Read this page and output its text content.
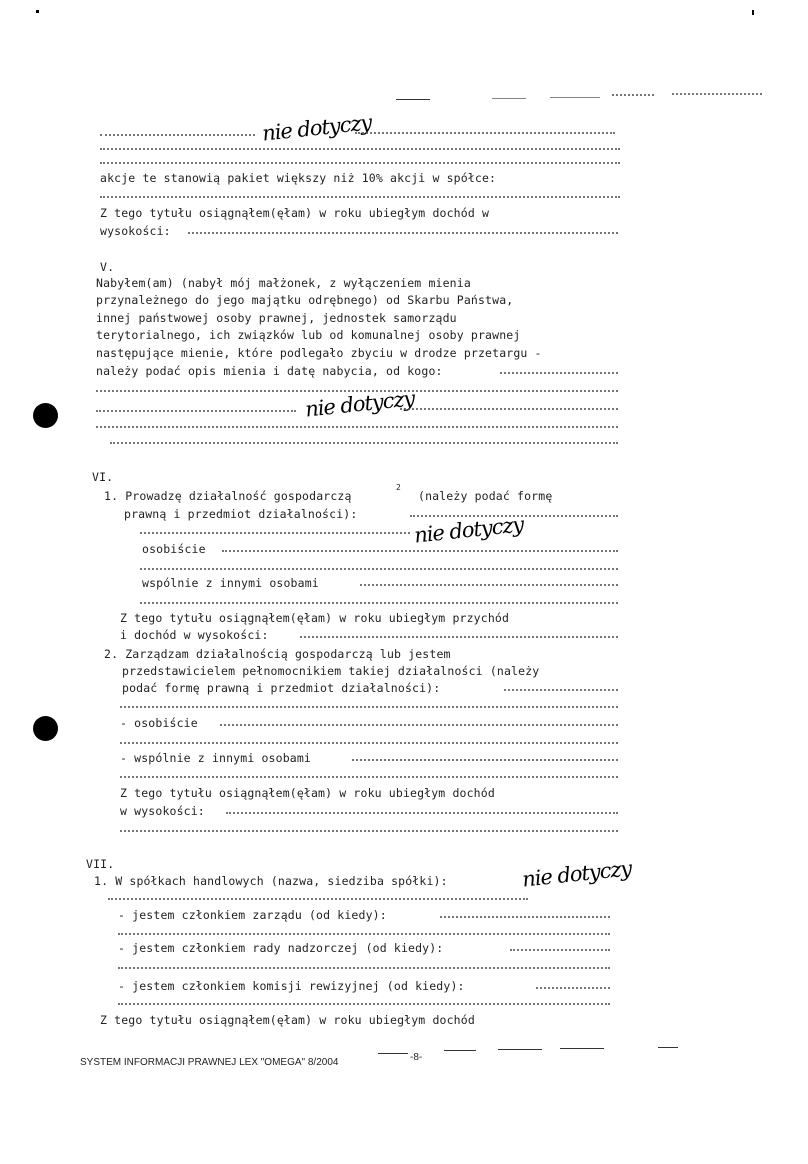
nie dotyczy
akcje te stanowią pakiet większy niż 10% akcji w spółce:
Z tego tytułu osiągnąłem(ęłam) w roku ubiegłym dochód w
wysokości:
V.
Nabyłem(am) (nabył mój małżonek, z wyłączeniem mienia
przynależnego do jego majątku odrębnego) od Skarbu Państwa,
innej państwowej osoby prawnej, jednostek samorządu
terytorialnego, ich związków lub od komunalnej osoby prawnej
następujące mienie, które podlegało zbyciu w drodze przetargu -
należy podać opis mienia i datę nabycia, od kogo:
nie dotyczy
VI.
1. Prowadzę działalność gospodarczą
2
(należy podać formę
prawną i przedmiot działalności):	nie dotyczy
osobiście
wspólnie z innymi osobami
Z tego tytułu osiągnąłem(ęłam) w roku ubiegłym przychód
i dochód w wysokości:
2. Zarządzam działalnością gospodarczą lub jestem
przedstawicielem pełnomocnikiem takiej działalności (należy
podać formę prawną i przedmiot działalności):
- osobiście
- wspólnie z innymi osobami
Z tego tytułu osiągnąłem(ęłam) w roku ubiegłym dochód
w wysokości:
VII.
1. W spółkach handlowych (nazwa, siedziba spółki):	nie dotyczy
- jestem członkiem zarządu (od kiedy):
- jestem członkiem rady nadzorczej (od kiedy):
- jestem członkiem komisji rewizyjnej (od kiedy):
Z tego tytułu osiągnąłem(ęłam) w roku ubiegłym dochód
SYSTEM INFORMACJI PRAWNEJ LEX "OMEGA" 8/2004	-8-
